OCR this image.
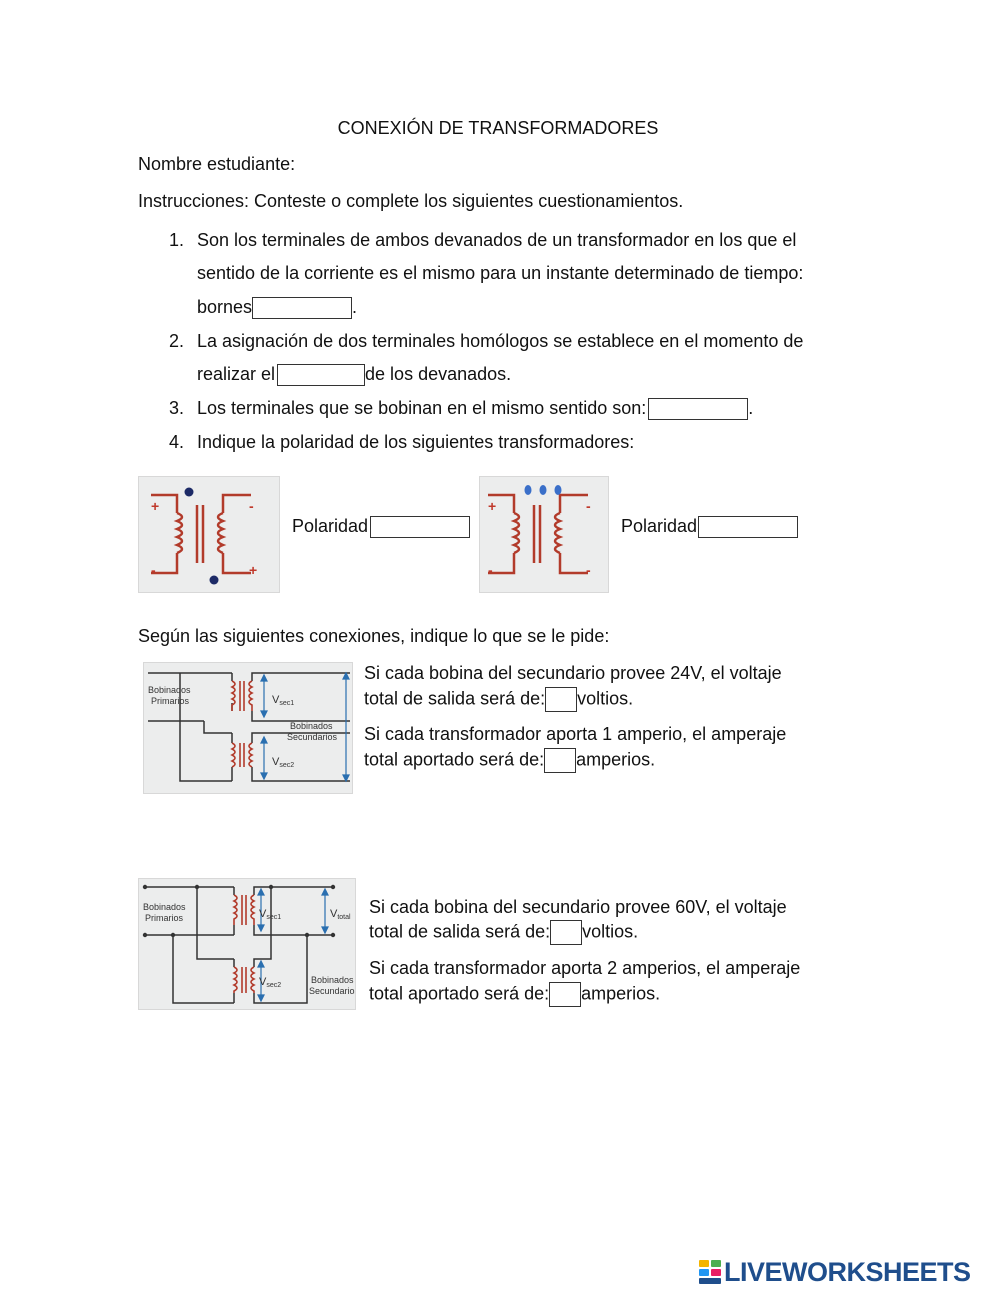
CONEXIÓN DE TRANSFORMADORES
Nombre estudiante:
Instrucciones: Conteste o complete los siguientes cuestionamientos.
1. Son los terminales de ambos devanados de un transformador en los que el
sentido de la corriente es el mismo para un instante determinado de tiempo:
bornes	.
2. La asignación de dos terminales homólogos se establece en el momento de
realizar el	de los devanados.
3. Los terminales que se bobinan en el mismo sentido son:	.
4. Indique la polaridad de los siguientes transformadores:
+
-
-
+
Polaridad
+
-
-
-
Polaridad
Según las siguientes conexiones, indique lo que se le pide:
Bobinados
Primarios
Bobinados
Secundarios
Vsec1
Vsec2
Si cada bobina del secundario provee 24V, el voltaje
total de salida será de: voltios.
Si cada transformador aporta 1 amperio, el amperaje
total aportado será de: amperios.
Bobinados
Primarios
Bobinados
Secundarios
Vsec1
Vsec2
Vtotal
Si cada bobina del secundario provee 60V, el voltaje
total de salida será de: voltios.
Si cada transformador aporta 2 amperios, el amperaje
total aportado será de: amperios.
LIVEWORKSHEETS
